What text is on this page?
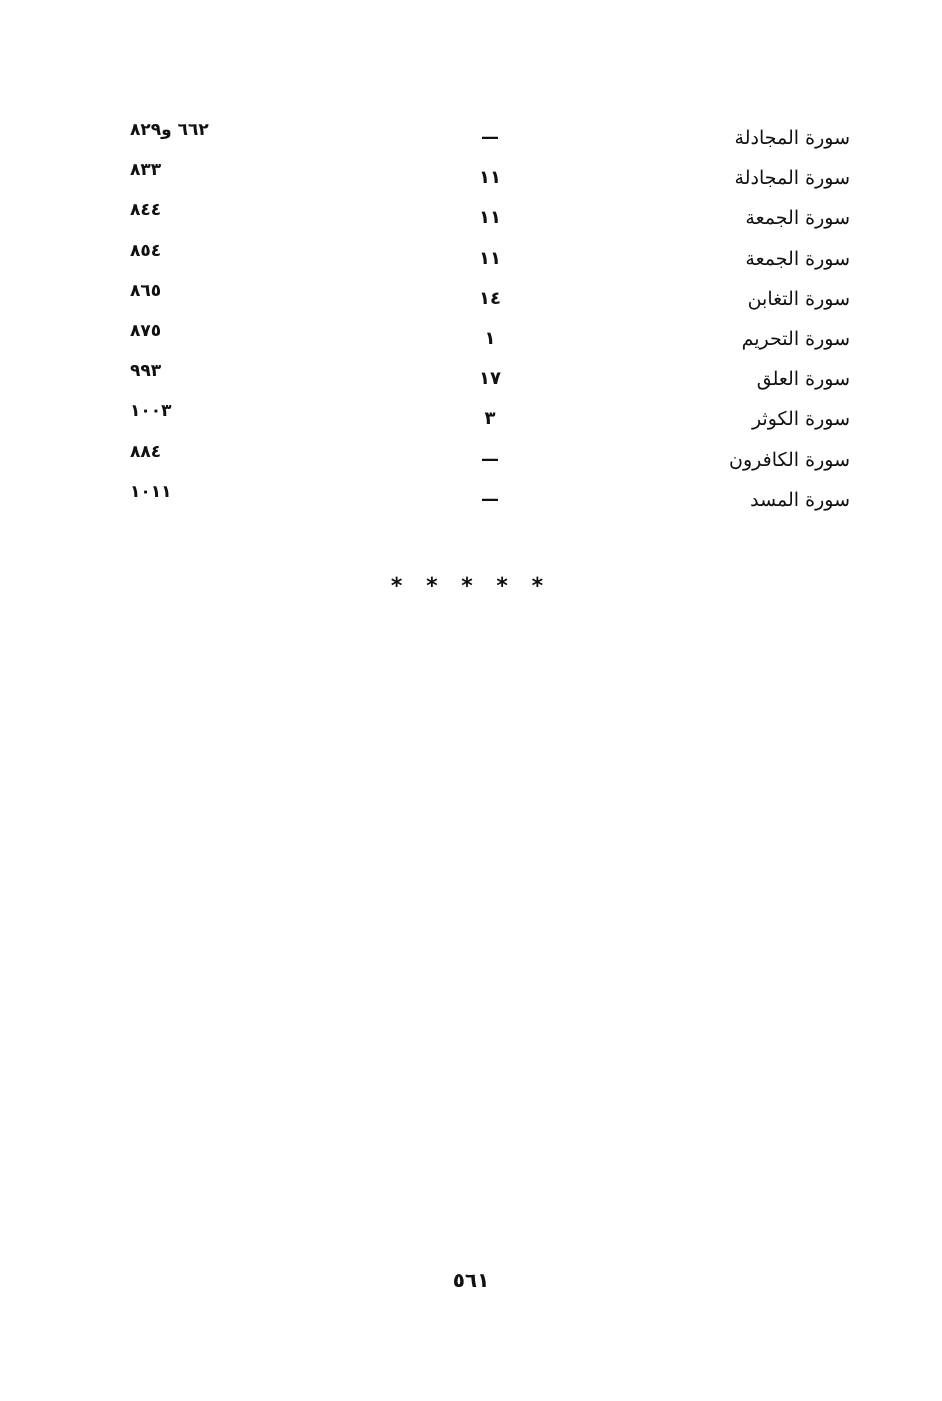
سورة المجادلة
—
٦٦٢ و٨٢٩
سورة المجادلة
١١
٨٣٣
سورة الجمعة
١١
٨٤٤
سورة الجمعة
١١
٨٥٤
سورة التغابن
١٤
٨٦٥
سورة التحريم
١
٨٧٥
سورة العلق
١٧
٩٩٣
سورة الكوثر
٣
١٠٠٣
سورة الكافرون
—
٨٨٤
سورة المسد
—
١٠١١
* * * * *
٥٦١
